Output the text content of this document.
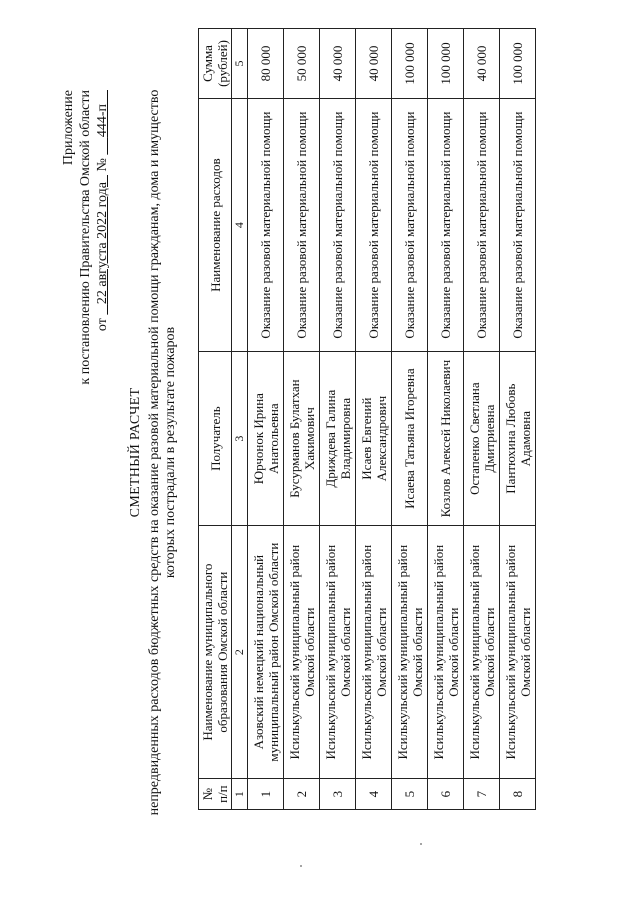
Приложение к постановлению Правительства Омской области от    22 августа 2022 года   №      444-п
СМЕТНЫЙ РАСЧЕТ непредвиденных расходов бюджетных средств на оказание разовой материальной помощи гражданам, дома и имущество которых пострадали в результате пожаров
№ п/п	Наименование муниципального образования Омской области	Получатель	Наименование расходов	Сумма (рублей)
1	2	3	4	5
1	Азовский немецкий национальный муниципальный район Омской области	Юрчонок Ирина Анатольевна	Оказание разовой материальной помощи	80 000
2	Исилькульский муниципальный район Омской области	Бусурманов Булатхан Хакимович	Оказание разовой материальной помощи	50 000
3	Исилькульский муниципальный район Омской области	Дриждева Галина Владимировна	Оказание разовой материальной помощи	40 000
4	Исилькульский муниципальный район Омской области	Исаев Евгений Александрович	Оказание разовой материальной помощи	40 000
5	Исилькульский муниципальный район Омской области	Исаева Татьяна Игоревна	Оказание разовой материальной помощи	100 000
6	Исилькульский муниципальный район Омской области	Козлов Алексей Николаевич	Оказание разовой материальной помощи	100 000
7	Исилькульский муниципальный район Омской области	Остапенко Светлана Дмитриевна	Оказание разовой материальной помощи	40 000
8	Исилькульский муниципальный район Омской области	Пантюхина Любовь Адамовна	Оказание разовой материальной помощи	100 000
